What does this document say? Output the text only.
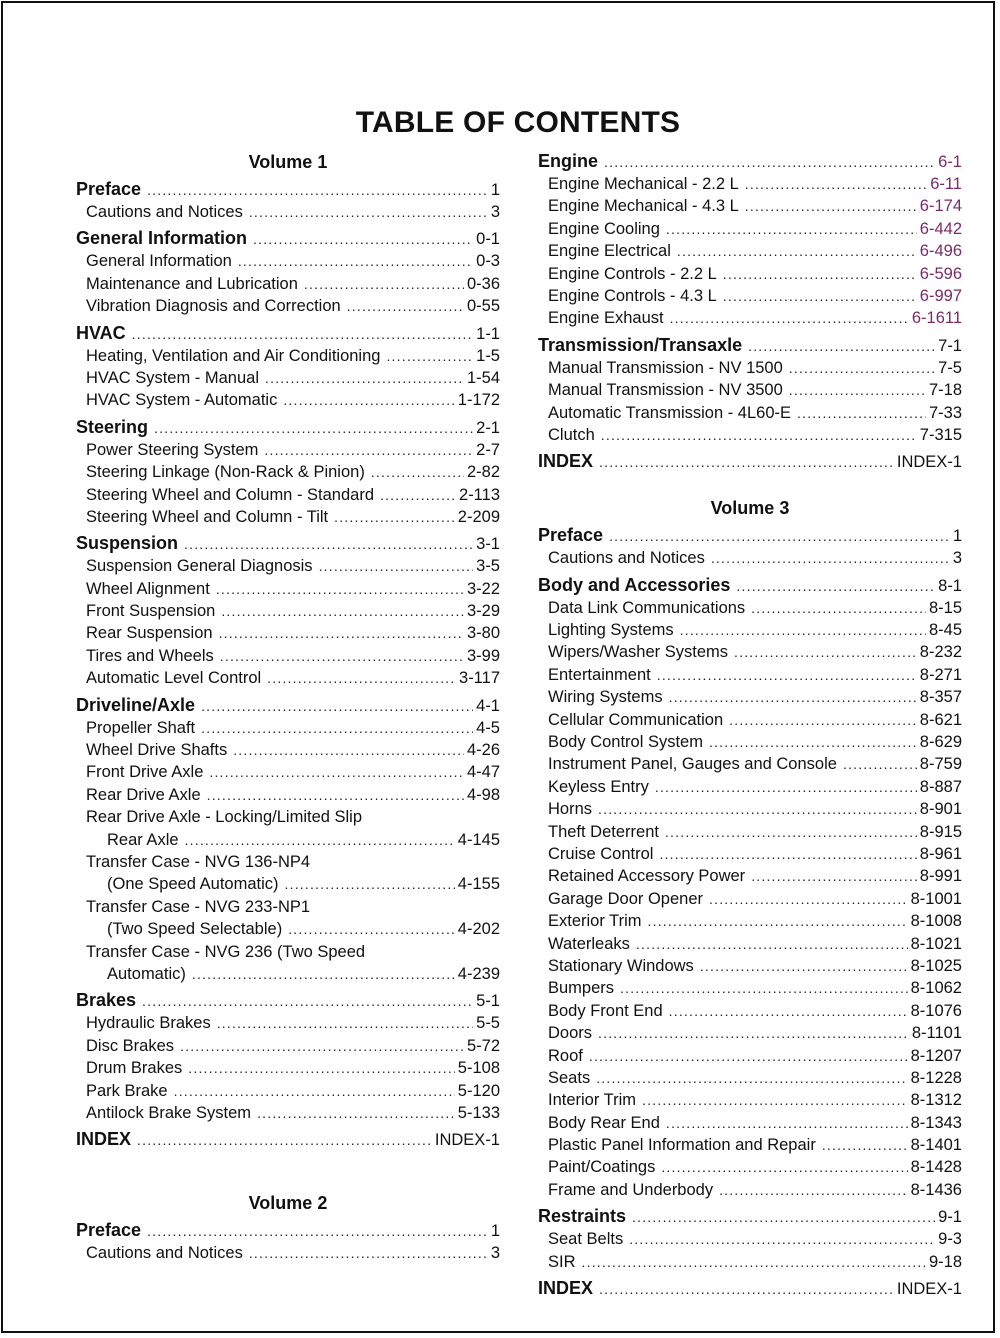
TABLE OF CONTENTS
Volume 1
Preface .....	1
Cautions and Notices .....	3
General Information .....	0-1
General Information .....	0-3
Maintenance and Lubrication .....	0-36
Vibration Diagnosis and Correction .....	0-55
HVAC .....	1-1
Heating, Ventilation and Air Conditioning .....	1-5
HVAC System - Manual .....	1-54
HVAC System - Automatic .....	1-172
Steering .....	2-1
Power Steering System .....	2-7
Steering Linkage (Non-Rack & Pinion) .....	2-82
Steering Wheel and Column - Standard .....	2-113
Steering Wheel and Column - Tilt .....	2-209
Suspension .....	3-1
Suspension General Diagnosis .....	3-5
Wheel Alignment .....	3-22
Front Suspension .....	3-29
Rear Suspension .....	3-80
Tires and Wheels .....	3-99
Automatic Level Control .....	3-117
Driveline/Axle .....	4-1
Propeller Shaft .....	4-5
Wheel Drive Shafts .....	4-26
Front Drive Axle .....	4-47
Rear Drive Axle .....	4-98
Rear Drive Axle - Locking/Limited Slip
Rear Axle .....	4-145
Transfer Case - NVG 136-NP4
(One Speed Automatic) .....	4-155
Transfer Case - NVG 233-NP1
(Two Speed Selectable) .....	4-202
Transfer Case - NVG 236 (Two Speed
Automatic) .....	4-239
Brakes .....	5-1
Hydraulic Brakes .....	5-5
Disc Brakes .....	5-72
Drum Brakes .....	5-108
Park Brake .....	5-120
Antilock Brake System .....	5-133
INDEX .....	INDEX-1
Volume 2
Preface .....	1
Cautions and Notices .....	3
Engine .....	6-1
Engine Mechanical - 2.2 L .....	6-11
Engine Mechanical - 4.3 L .....	6-174
Engine Cooling .....	6-442
Engine Electrical .....	6-496
Engine Controls - 2.2 L .....	6-596
Engine Controls - 4.3 L .....	6-997
Engine Exhaust .....	6-1611
Transmission/Transaxle .....	7-1
Manual Transmission - NV 1500 .....	7-5
Manual Transmission - NV 3500 .....	7-18
Automatic Transmission - 4L60-E .....	7-33
Clutch .....	7-315
INDEX .....	INDEX-1
Volume 3
Preface .....	1
Cautions and Notices .....	3
Body and Accessories .....	8-1
Data Link Communications .....	8-15
Lighting Systems .....	8-45
Wipers/Washer Systems .....	8-232
Entertainment .....	8-271
Wiring Systems .....	8-357
Cellular Communication .....	8-621
Body Control System .....	8-629
Instrument Panel, Gauges and Console .....	8-759
Keyless Entry .....	8-887
Horns .....	8-901
Theft Deterrent .....	8-915
Cruise Control .....	8-961
Retained Accessory Power .....	8-991
Garage Door Opener .....	8-1001
Exterior Trim .....	8-1008
Waterleaks .....	8-1021
Stationary Windows .....	8-1025
Bumpers .....	8-1062
Body Front End .....	8-1076
Doors .....	8-1101
Roof .....	8-1207
Seats .....	8-1228
Interior Trim .....	8-1312
Body Rear End .....	8-1343
Plastic Panel Information and Repair .....	8-1401
Paint/Coatings .....	8-1428
Frame and Underbody .....	8-1436
Restraints .....	9-1
Seat Belts .....	9-3
SIR .....	9-18
INDEX .....	INDEX-1
